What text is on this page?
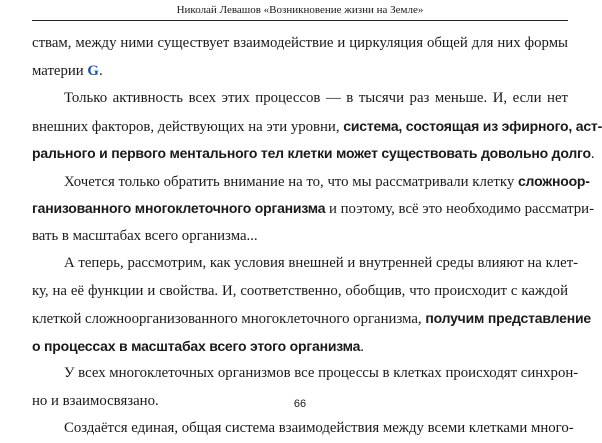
Николай Левашов «Возникновение жизни на Земле»
ствам, между ними существует взаимодействие и циркуляция общей для них формы
материи G.
Только активность всех этих процессов — в тысячи раз меньше. И, если нет
внешних факторов, действующих на эти уровни, система, состоящая из эфирного, аст-
рального и первого ментального тел клетки может существовать довольно долго.
Хочется только обратить внимание на то, что мы рассматривали клетку сложноор-
ганизованного многоклеточного организма и поэтому, всё это необходимо рассматри-
вать в масштабах всего организма...
А теперь, рассмотрим, как условия внешней и внутренней среды влияют на клет-
ку, на её функции и свойства. И, соответственно, обобщив, что происходит с каждой
клеткой сложноорганизованного многоклеточного организма, получим представление
о процессах в масштабах всего этого организма.
У всех многоклеточных организмов все процессы в клетках происходят синхрон-
но и взаимосвязано.
Создаётся единая, общая система взаимодействия между всеми клетками много-
66
